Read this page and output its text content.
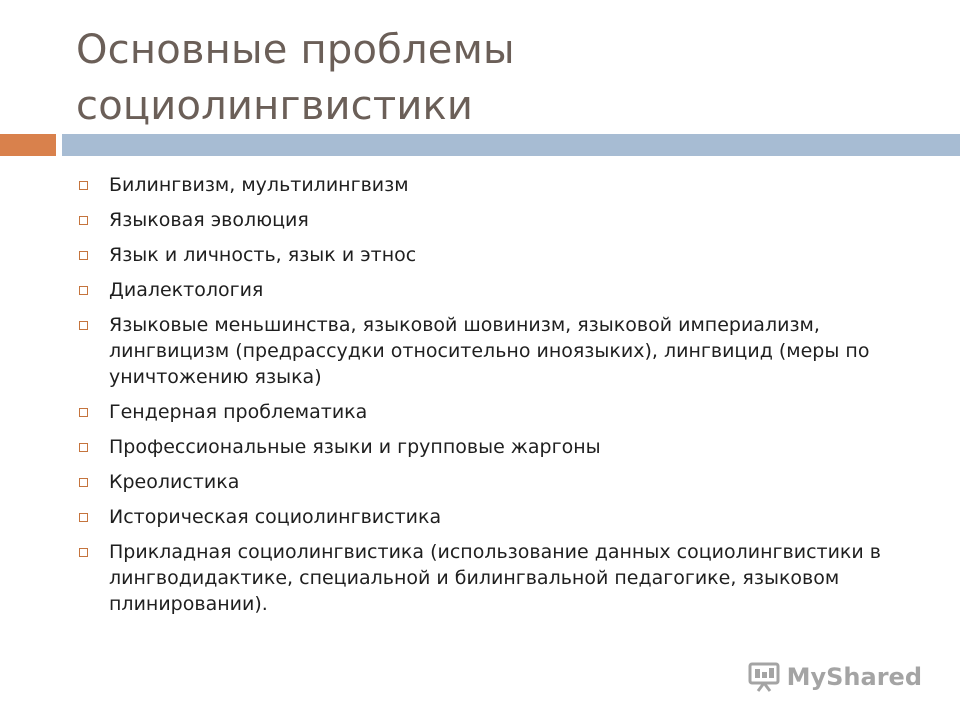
Основные проблемы
социолингвистики
Билингвизм, мультилингвизм
Языковая эволюция
Язык и личность, язык и этнос
Диалектология
Языковые меньшинства, языковой шовинизм, языковой империализм, лингвицизм (предрассудки относительно иноязыких), лингвицид (меры по уничтожению языка)
Гендерная проблематика
Профессиональные языки и групповые жаргоны
Креолистика
Историческая социолингвистика
Прикладная социолингвистика (использование данных социолингвистики в лингводидактике, специальной и билингвальной педагогике, языковом плинировании).
MyShared
